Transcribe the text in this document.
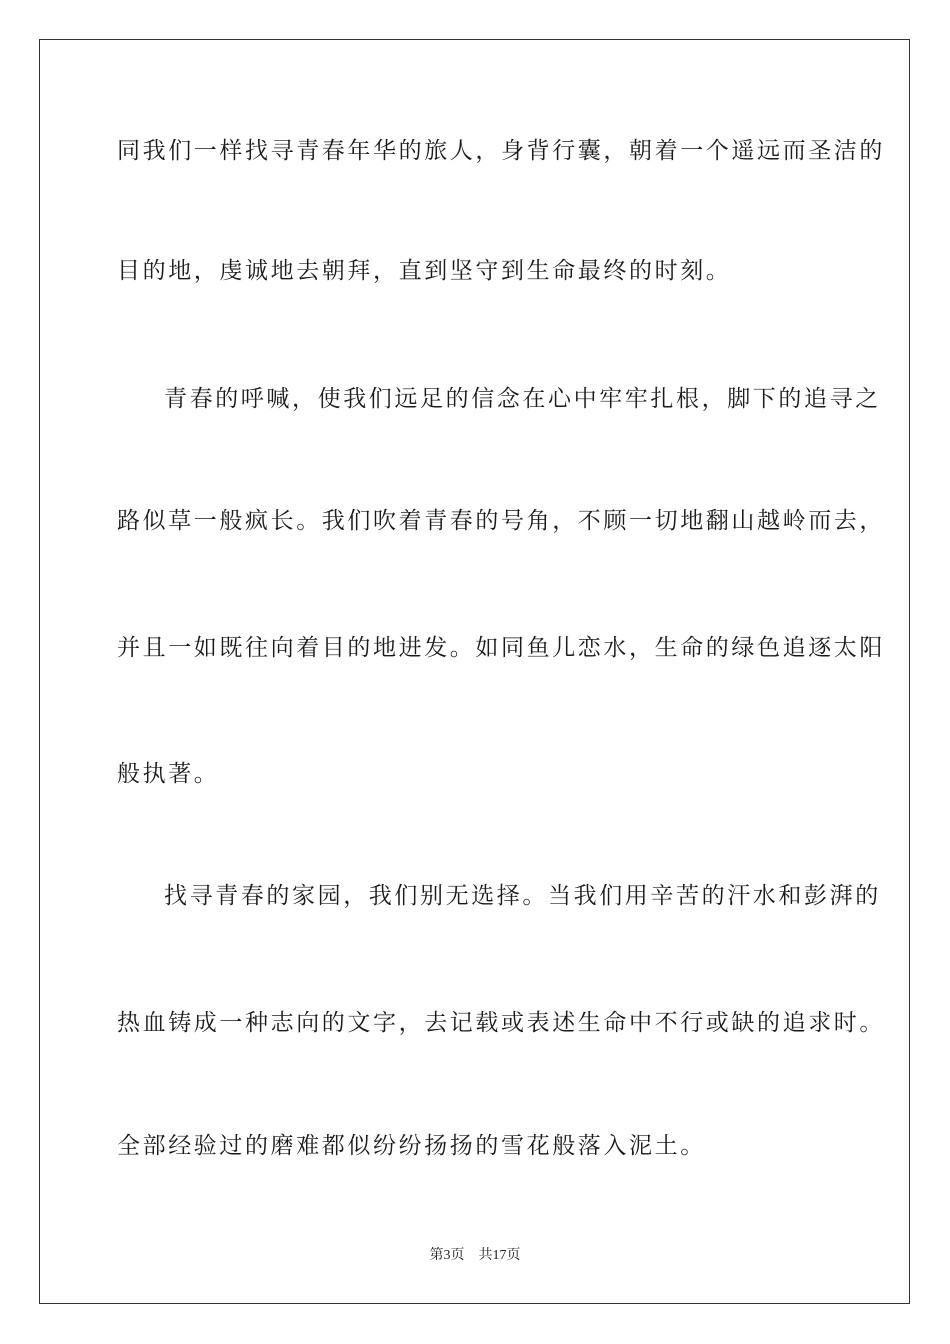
同我们一样找寻青春年华的旅人，身背行囊，朝着一个遥远而圣洁的
目的地，虔诚地去朝拜，直到坚守到生命最终的时刻。
青春的呼喊，使我们远足的信念在心中牢牢扎根，脚下的追寻之
路似草一般疯长。我们吹着青春的号角，不顾一切地翻山越岭而去，
并且一如既往向着目的地进发。如同鱼儿恋水，生命的绿色追逐太阳
般执著。
找寻青春的家园，我们别无选择。当我们用辛苦的汗水和彭湃的
热血铸成一种志向的文字，去记载或表述生命中不行或缺的追求时。
全部经验过的磨难都似纷纷扬扬的雪花般落入泥土。
第3页 共17页
